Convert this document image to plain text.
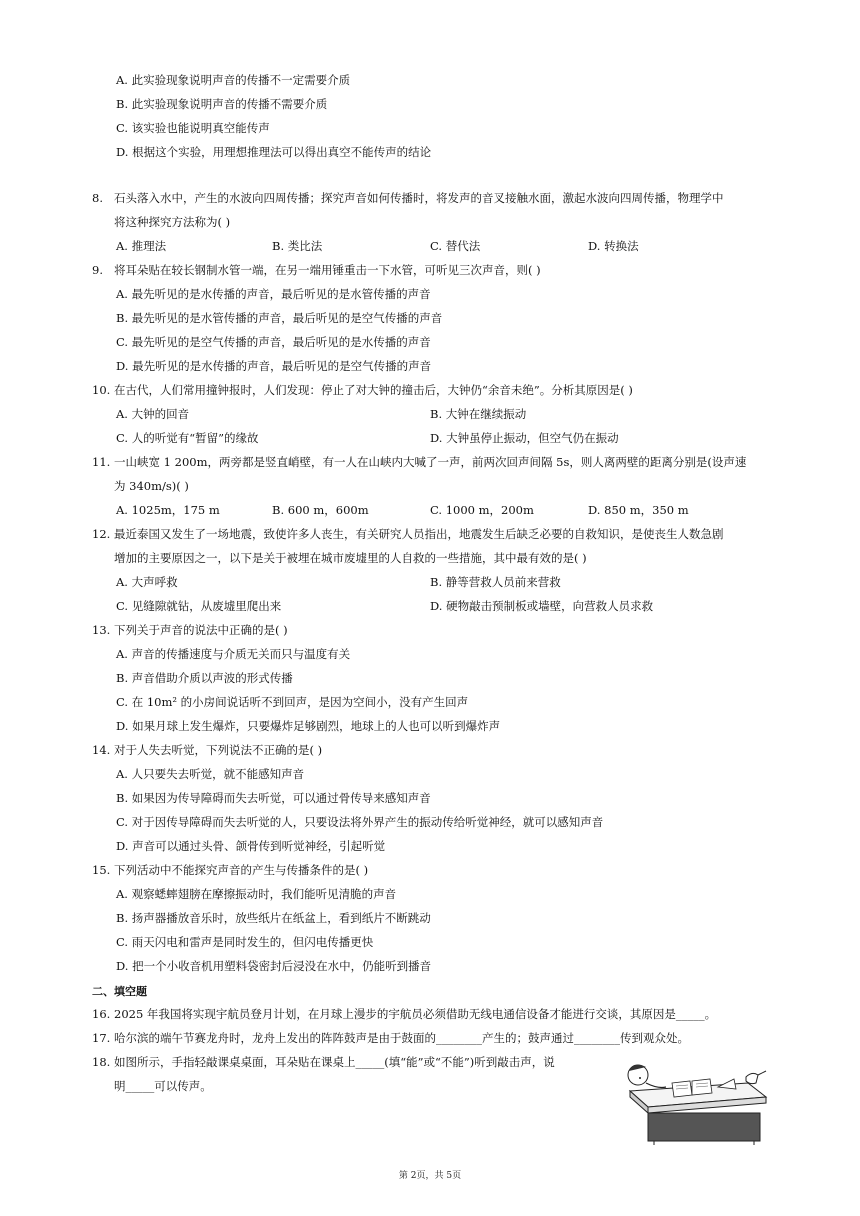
A. 此实验现象说明声音的传播不一定需要介质
B. 此实验现象说明声音的传播不需要介质
C. 该实验也能说明真空能传声
D. 根据这个实验，用理想推理法可以得出真空不能传声的结论
8. 石头落入水中，产生的水波向四周传播；探究声音如何传播时，将发声的音叉接触水面，激起水波向四周传播，物理学中
将这种探究方法称为( )
A. 推理法	B. 类比法	C. 替代法	D. 转换法
9. 将耳朵贴在较长钢制水管一端，在另一端用锤重击一下水管，可听见三次声音，则( )
A. 最先听见的是水传播的声音，最后听见的是水管传播的声音
B. 最先听见的是水管传播的声音，最后听见的是空气传播的声音
C. 最先听见的是空气传播的声音，最后听见的是水传播的声音
D. 最先听见的是水传播的声音，最后听见的是空气传播的声音
10. 在古代，人们常用撞钟报时，人们发现：停止了对大钟的撞击后，大钟仍“余音未绝”。分析其原因是( )
A. 大钟的回音	B. 大钟在继续振动
C. 人的听觉有“暂留”的缘故	D. 大钟虽停止振动，但空气仍在振动
11. 一山峡宽 1 200m，两旁都是竖直峭壁，有一人在山峡内大喊了一声，前两次回声间隔 5s，则人离两壁的距离分别是(设声速
为 340m/s)( )
A. 1025m，175 m	B. 600 m，600m	C. 1000 m，200m	D. 850 m，350 m
12. 最近泰国又发生了一场地震，致使许多人丧生，有关研究人员指出，地震发生后缺乏必要的自救知识，是使丧生人数急剧
增加的主要原因之一，以下是关于被埋在城市废墟里的人自救的一些措施，其中最有效的是( )
A. 大声呼救	B. 静等营救人员前来营救
C. 见缝隙就钻，从废墟里爬出来	D. 硬物敲击预制板或墙壁，向营救人员求救
13. 下列关于声音的说法中正确的是( )
A. 声音的传播速度与介质无关而只与温度有关
B. 声音借助介质以声波的形式传播
C. 在 10m² 的小房间说话听不到回声，是因为空间小，没有产生回声
D. 如果月球上发生爆炸，只要爆炸足够剧烈，地球上的人也可以听到爆炸声
14. 对于人失去听觉，下列说法不正确的是( )
A. 人只要失去听觉，就不能感知声音
B. 如果因为传导障碍而失去听觉，可以通过骨传导来感知声音
C. 对于因传导障碍而失去听觉的人，只要设法将外界产生的振动传给听觉神经，就可以感知声音
D. 声音可以通过头骨、颌骨传到听觉神经，引起听觉
15. 下列活动中不能探究声音的产生与传播条件的是( )
A. 观察蟋蟀翅膀在摩擦振动时，我们能听见清脆的声音
B. 扬声器播放音乐时，放些纸片在纸盆上，看到纸片不断跳动
C. 雨天闪电和雷声是同时发生的，但闪电传播更快
D. 把一个小收音机用塑料袋密封后浸没在水中，仍能听到播音
二、填空题
16. 2025 年我国将实现宇航员登月计划，在月球上漫步的宇航员必须借助无线电通信设备才能进行交谈，其原因是_____。
17. 哈尔滨的端午节赛龙舟时，龙舟上发出的阵阵鼓声是由于鼓面的________产生的；鼓声通过________传到观众处。
18. 如图所示，手指轻敲课桌桌面，耳朵贴在课桌上_____(填“能”或“不能”)听到敲击声，说
明_____可以传声。
第 2页，共 5页
